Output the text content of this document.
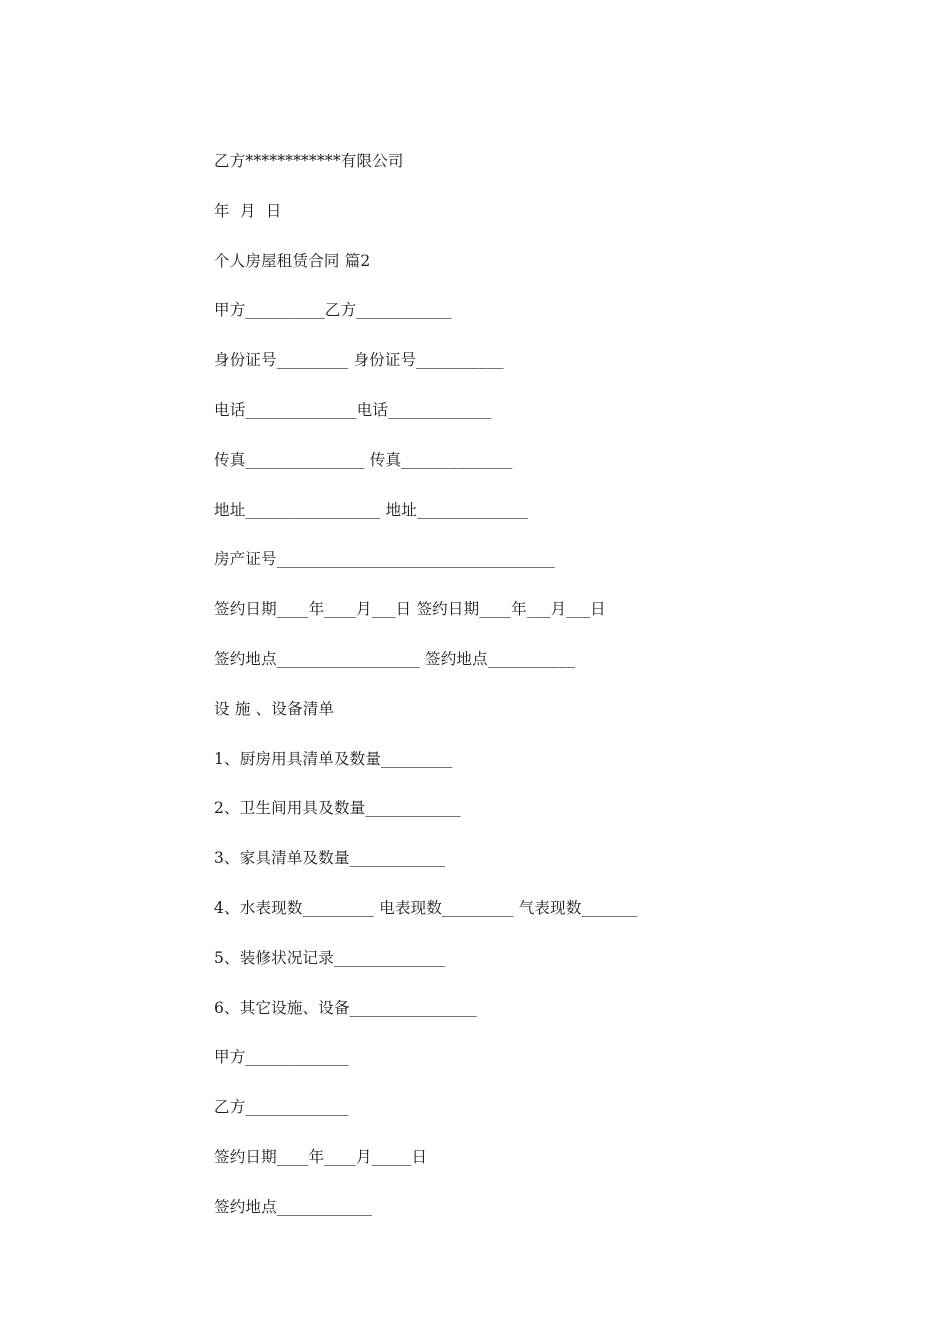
乙方************有限公司
年  月  日
个人房屋租赁合同 篇2
甲方__________乙方____________
身份证号_________ 身份证号___________
电话______________电话_____________
传真_______________ 传真______________
地址_________________ 地址______________
房产证号___________________________________
签约日期____年____月___日 签约日期____年___月___日
签约地点__________________ 签约地点___________
设 施 、设备清单
1、厨房用具清单及数量_________
2、卫生间用具及数量____________
3、家具清单及数量____________
4、水表现数_________ 电表现数_________ 气表现数_______
5、装修状况记录______________
6、其它设施、设备________________
甲方_____________
乙方_____________
签约日期____年____月_____日
签约地点____________
